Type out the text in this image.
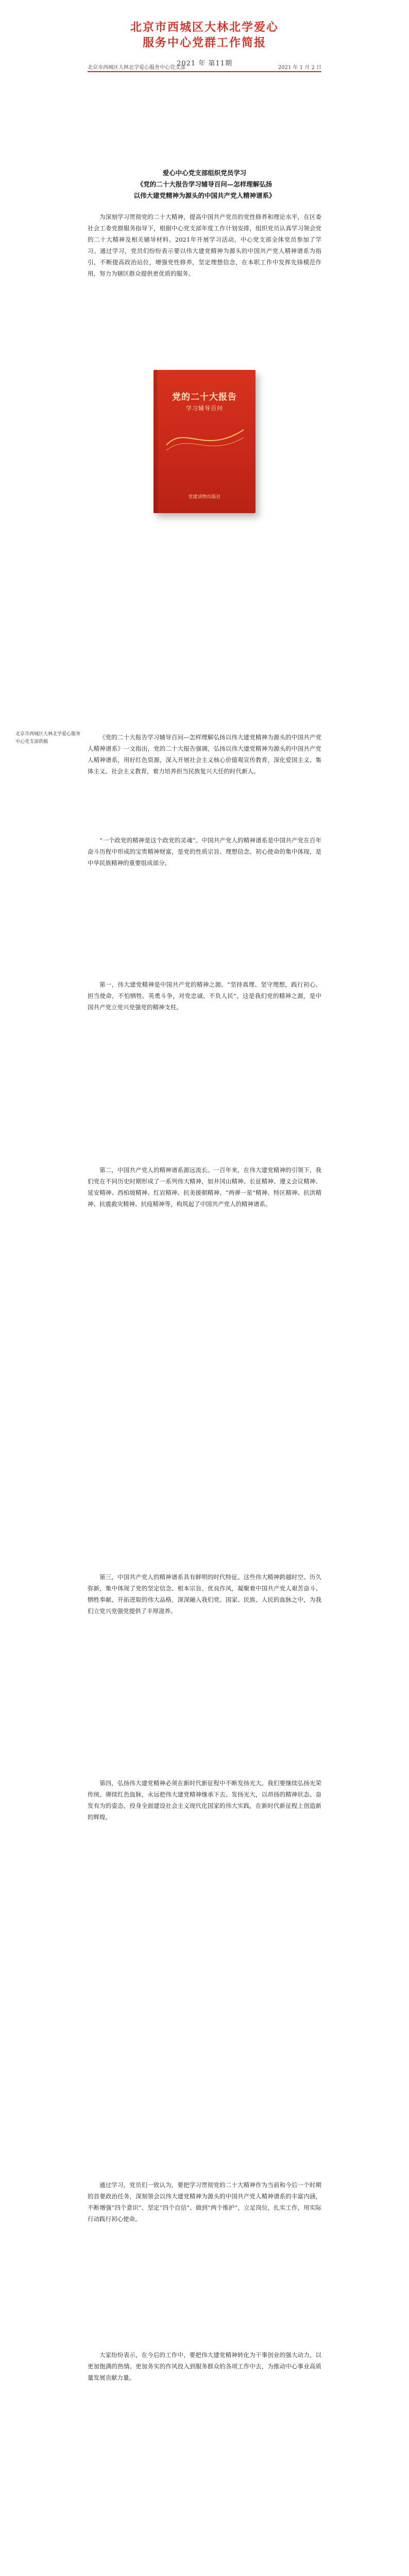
北京市西城区大林北学爱心

服务中心党群工作简报

2021 年 第11期
北京市西城区大林北学爱心服务中心党支部	2021 年 1 月 2 日

爱心中心党支部组织党员学习

《党的二十大报告学习辅导百问—怎样理解弘扬

以伟大建党精神为源头的中国共产党人精神谱系》

为深刻学习贯彻党的二十大精神，提高中国共产党员的党性修养和理论水平，在区委社会工委党群服务指导下，根据中心党支部年度工作计划安排，组织党员认真学习领会党的二十大精神及相关辅导材料。2021年开展学习活动，中心党支部全体党员参加了学习。通过学习，党员们纷纷表示要以伟大建党精神为源头的中国共产党人精神谱系为指引，不断提高政治站位，增强党性修养，坚定理想信念，在本职工作中发挥先锋模范作用，努力为辖区群众提供更优质的服务。

党的二十大报告
学习辅导百问
党建读物出版社
北京市西城区大林北学爱心服务中心党支部供稿

《党的二十大报告学习辅导百问—怎样理解弘扬以伟大建党精神为源头的中国共产党人精神谱系》一文指出，党的二十大报告强调，弘扬以伟大建党精神为源头的中国共产党人精神谱系，用好红色资源，深入开展社会主义核心价值观宣传教育，深化爱国主义、集体主义、社会主义教育，着力培养担当民族复兴大任的时代新人。

“一个政党的精神是这个政党的灵魂”。中国共产党人的精神谱系是中国共产党在百年奋斗历程中形成的宝贵精神财富，是党的性质宗旨、理想信念、初心使命的集中体现，是中华民族精神的重要组成部分。

第一，伟大建党精神是中国共产党的精神之源。“坚持真理、坚守理想，践行初心、担当使命，不怕牺牲、英勇斗争，对党忠诚、不负人民”，这是我们党的精神之源，是中国共产党立党兴党强党的精神支柱。

第二，中国共产党人的精神谱系源远流长。一百年来，在伟大建党精神的引领下，我们党在不同历史时期形成了一系列伟大精神，如井冈山精神、长征精神、遵义会议精神、延安精神、西柏坡精神、红岩精神、抗美援朝精神、“两弹一星”精神、特区精神、抗洪精神、抗震救灾精神、抗疫精神等，构筑起了中国共产党人的精神谱系。

第三，中国共产党人的精神谱系具有鲜明的时代特征。这些伟大精神跨越时空、历久弥新，集中体现了党的坚定信念、根本宗旨、优良作风，凝聚着中国共产党人艰苦奋斗、牺牲奉献、开拓进取的伟大品格，深深融入我们党、国家、民族、人民的血脉之中，为我们立党兴党强党提供了丰厚滋养。

第四，弘扬伟大建党精神必须在新时代新征程中不断发扬光大。我们要继续弘扬光荣传统、赓续红色血脉，永远把伟大建党精神继承下去、发扬光大，以昂扬的精神状态、奋发有为的姿态，投身全面建设社会主义现代化国家的伟大实践，在新时代新征程上创造新的辉煌。

通过学习，党员们一致认为，要把学习贯彻党的二十大精神作为当前和今后一个时期的首要政治任务，深刻领会以伟大建党精神为源头的中国共产党人精神谱系的丰富内涵，不断增强“四个意识”、坚定“四个自信”、做到“两个维护”，立足岗位，扎实工作，用实际行动践行初心使命。

大家纷纷表示，在今后的工作中，要把伟大建党精神转化为干事创业的强大动力，以更加饱满的热情、更加务实的作风投入到服务群众的各项工作中去，为推动中心事业高质量发展贡献力量。
